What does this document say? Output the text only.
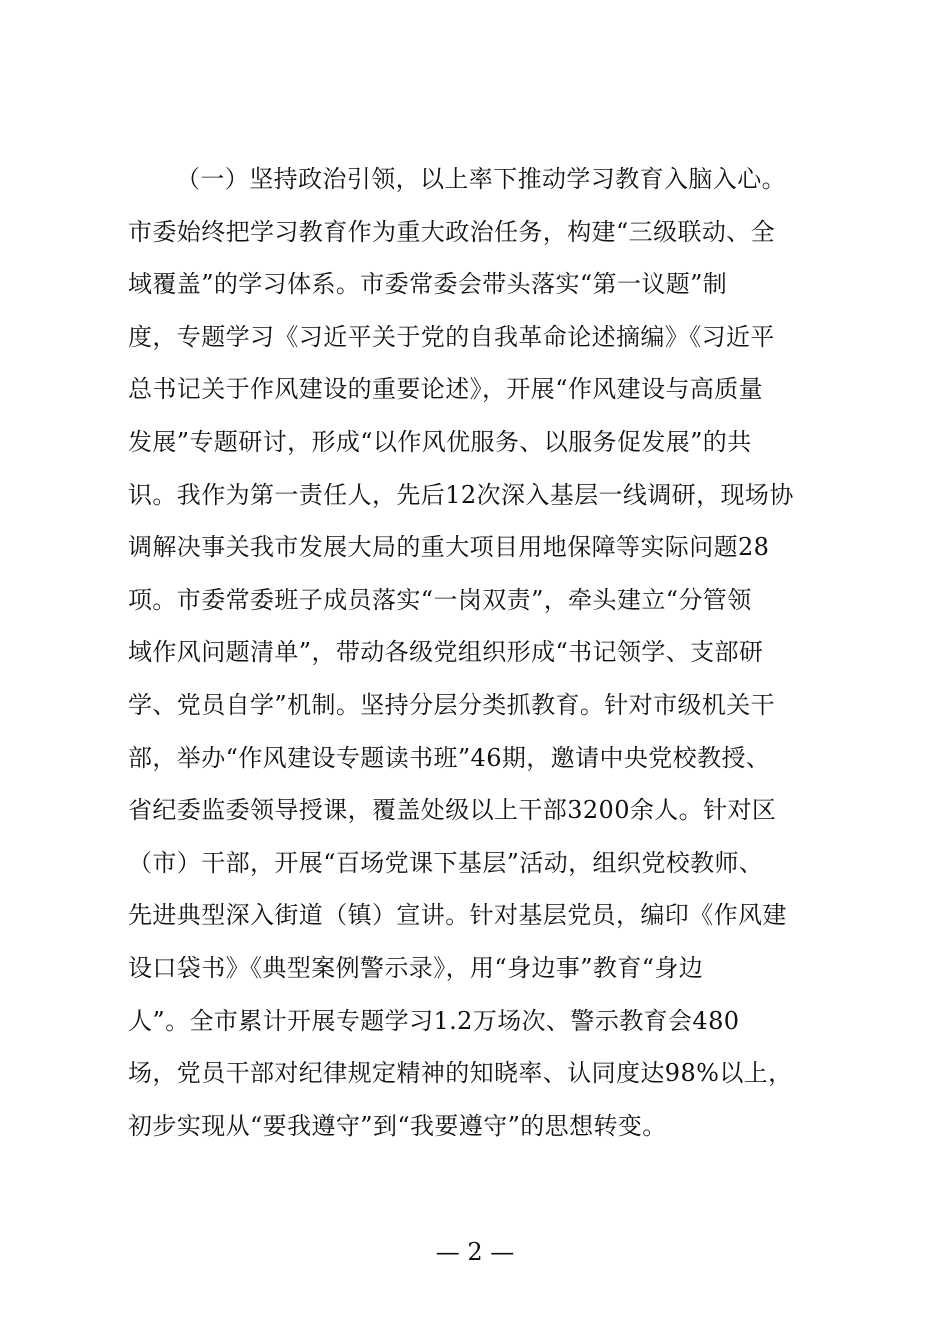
（一）坚持政治引领，以上率下推动学习教育入脑入心。
市委始终把学习教育作为重大政治任务，构建“三级联动、全
域覆盖”的学习体系。市委常委会带头落实“第一议题”制
度，专题学习《习近平关于党的自我革命论述摘编》《习近平
总书记关于作风建设的重要论述》，开展“作风建设与高质量
发展”专题研讨，形成“以作风优服务、以服务促发展”的共
识。我作为第一责任人，先后12次深入基层一线调研，现场协
调解决事关我市发展大局的重大项目用地保障等实际问题28
项。市委常委班子成员落实“一岗双责”，牵头建立“分管领
域作风问题清单”，带动各级党组织形成“书记领学、支部研
学、党员自学”机制。坚持分层分类抓教育。针对市级机关干
部，举办“作风建设专题读书班”46期，邀请中央党校教授、
省纪委监委领导授课，覆盖处级以上干部3200余人。针对区
（市）干部，开展“百场党课下基层”活动，组织党校教师、
先进典型深入街道（镇）宣讲。针对基层党员，编印《作风建
设口袋书》《典型案例警示录》，用“身边事”教育“身边
人”。全市累计开展专题学习1.2万场次、警示教育会480
场，党员干部对纪律规定精神的知晓率、认同度达98%以上，
初步实现从“要我遵守”到“我要遵守”的思想转变。
— 2 —
